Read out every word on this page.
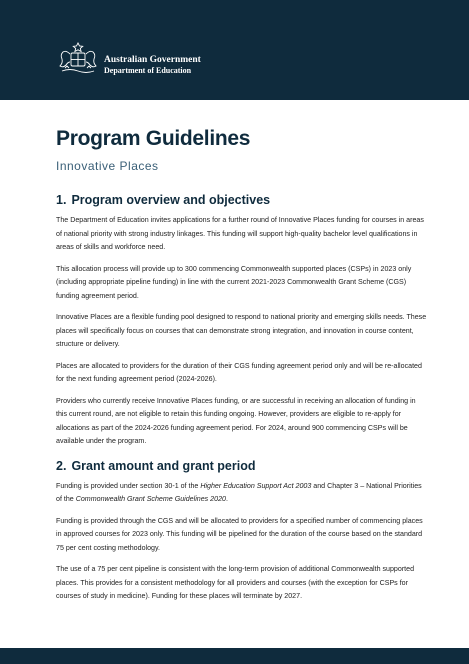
Australian Government
Department of Education
Program Guidelines

Innovative Places

1. Program overview and objectives

The Department of Education invites applications for a further round of Innovative Places funding for courses in areas of national priority with strong industry linkages. This funding will support high-quality bachelor level qualifications in areas of skills and workforce need.

This allocation process will provide up to 300 commencing Commonwealth supported places (CSPs) in 2023 only (including appropriate pipeline funding) in line with the current 2021-2023 Commonwealth Grant Scheme (CGS) funding agreement period.

Innovative Places are a flexible funding pool designed to respond to national priority and emerging skills needs. These places will specifically focus on courses that can demonstrate strong integration, and innovation in course content, structure or delivery.

Places are allocated to providers for the duration of their CGS funding agreement period only and will be re-allocated for the next funding agreement period (2024-2026).

Providers who currently receive Innovative Places funding, or are successful in receiving an allocation of funding in this current round, are not eligible to retain this funding ongoing. However, providers are eligible to re-apply for allocations as part of the 2024-2026 funding agreement period. For 2024, around 900 commencing CSPs will be available under the program.

2. Grant amount and grant period

Funding is provided under section 30-1 of the Higher Education Support Act 2003 and Chapter 3 – National Priorities of the Commonwealth Grant Scheme Guidelines 2020.

Funding is provided through the CGS and will be allocated to providers for a specified number of commencing places in approved courses for 2023 only. This funding will be pipelined for the duration of the course based on the standard 75 per cent costing methodology.

The use of a 75 per cent pipeline is consistent with the long-term provision of additional Commonwealth supported places. This provides for a consistent methodology for all providers and courses (with the exception for CSPs for courses of study in medicine). Funding for these places will terminate by 2027.
